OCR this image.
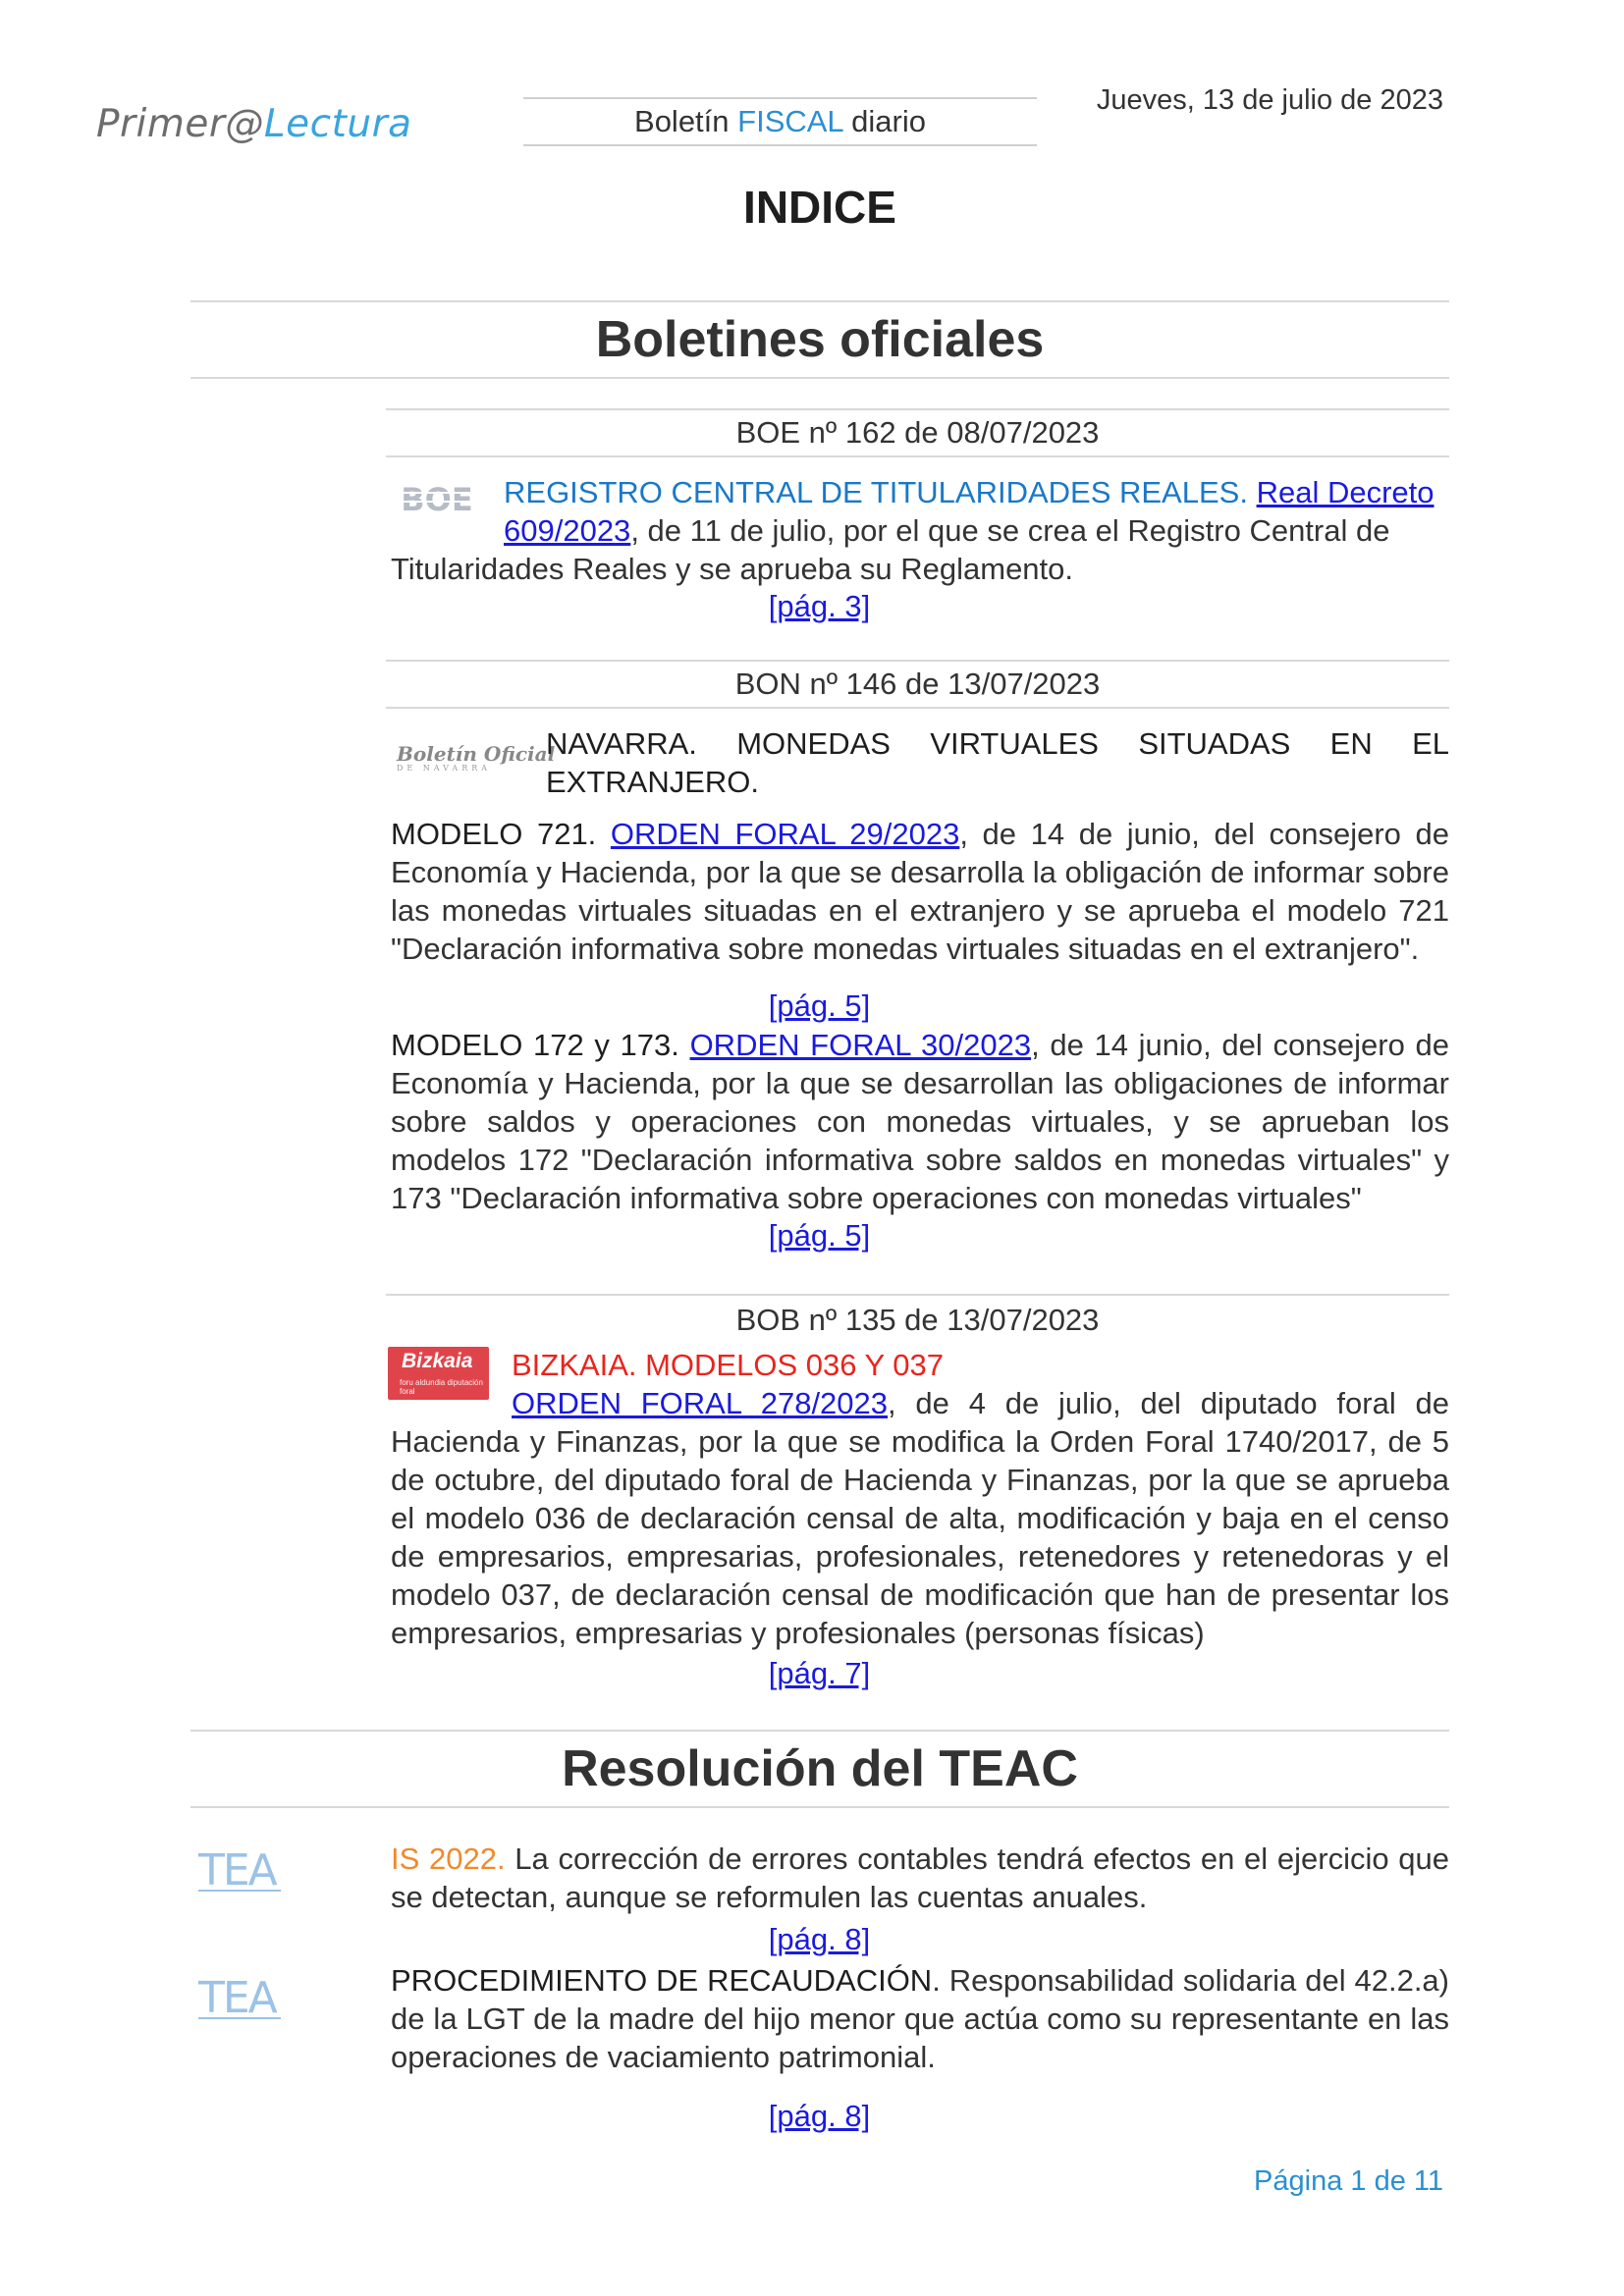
Primer@Lectura	Boletín FISCAL diario
Jueves, 13 de julio de 2023
INDICE
Boletines oficiales
BOE nº 162 de 08/07/2023
BOE REGISTRO CENTRAL DE TITULARIDADES REALES. Real Decreto
609/2023, de 11 de julio, por el que se crea el Registro Central de
Titularidades Reales y se aprueba su Reglamento.
[pág. 3]
BON nº 146 de 13/07/2023
Boletín Oficial
DE NAVARRA
NAVARRA. MONEDAS VIRTUALES SITUADAS EN EL EXTRANJERO.
MODELO 721. ORDEN FORAL 29/2023, de 14 de junio, del consejero de Economía y Hacienda, por la que se desarrolla la obligación de informar sobre las monedas virtuales situadas en el extranjero y se aprueba el modelo 721 "Declaración informativa sobre monedas virtuales situadas en el extranjero".
[pág. 5]
MODELO 172 y 173. ORDEN FORAL 30/2023, de 14 junio, del consejero de Economía y Hacienda, por la que se desarrollan las obligaciones de informar sobre saldos y operaciones con monedas virtuales, y se aprueban los modelos 172 "Declaración informativa sobre saldos en monedas virtuales" y 173 "Declaración informativa sobre operaciones con monedas virtuales"
[pág. 5]
BOB nº 135 de 13/07/2023
Bizkaia
foru aldundia diputación foral
BIZKAIA. MODELOS 036 Y 037
ORDEN FORAL 278/2023, de 4 de julio, del diputado foral de Hacienda y Finanzas, por la que se modifica la Orden Foral 1740/2017, de 5 de octubre, del diputado foral de Hacienda y Finanzas, por la que se aprueba el modelo 036 de declaración censal de alta, modificación y baja en el censo de empresarios, empresarias, profesionales, retenedores y retenedoras y el modelo 037, de declaración censal de modificación que han de presentar los empresarios, empresarias y profesionales (personas físicas)
[pág. 7]
Resolución del TEAC
TEA	IS 2022. La corrección de errores contables tendrá efectos en el ejercicio que se detectan, aunque se reformulen las cuentas anuales.
[pág. 8]
TEA	PROCEDIMIENTO DE RECAUDACIÓN. Responsabilidad solidaria del 42.2.a) de la LGT de la madre del hijo menor que actúa como su representante en las operaciones de vaciamiento patrimonial.
[pág. 8]
Página 1 de 11
